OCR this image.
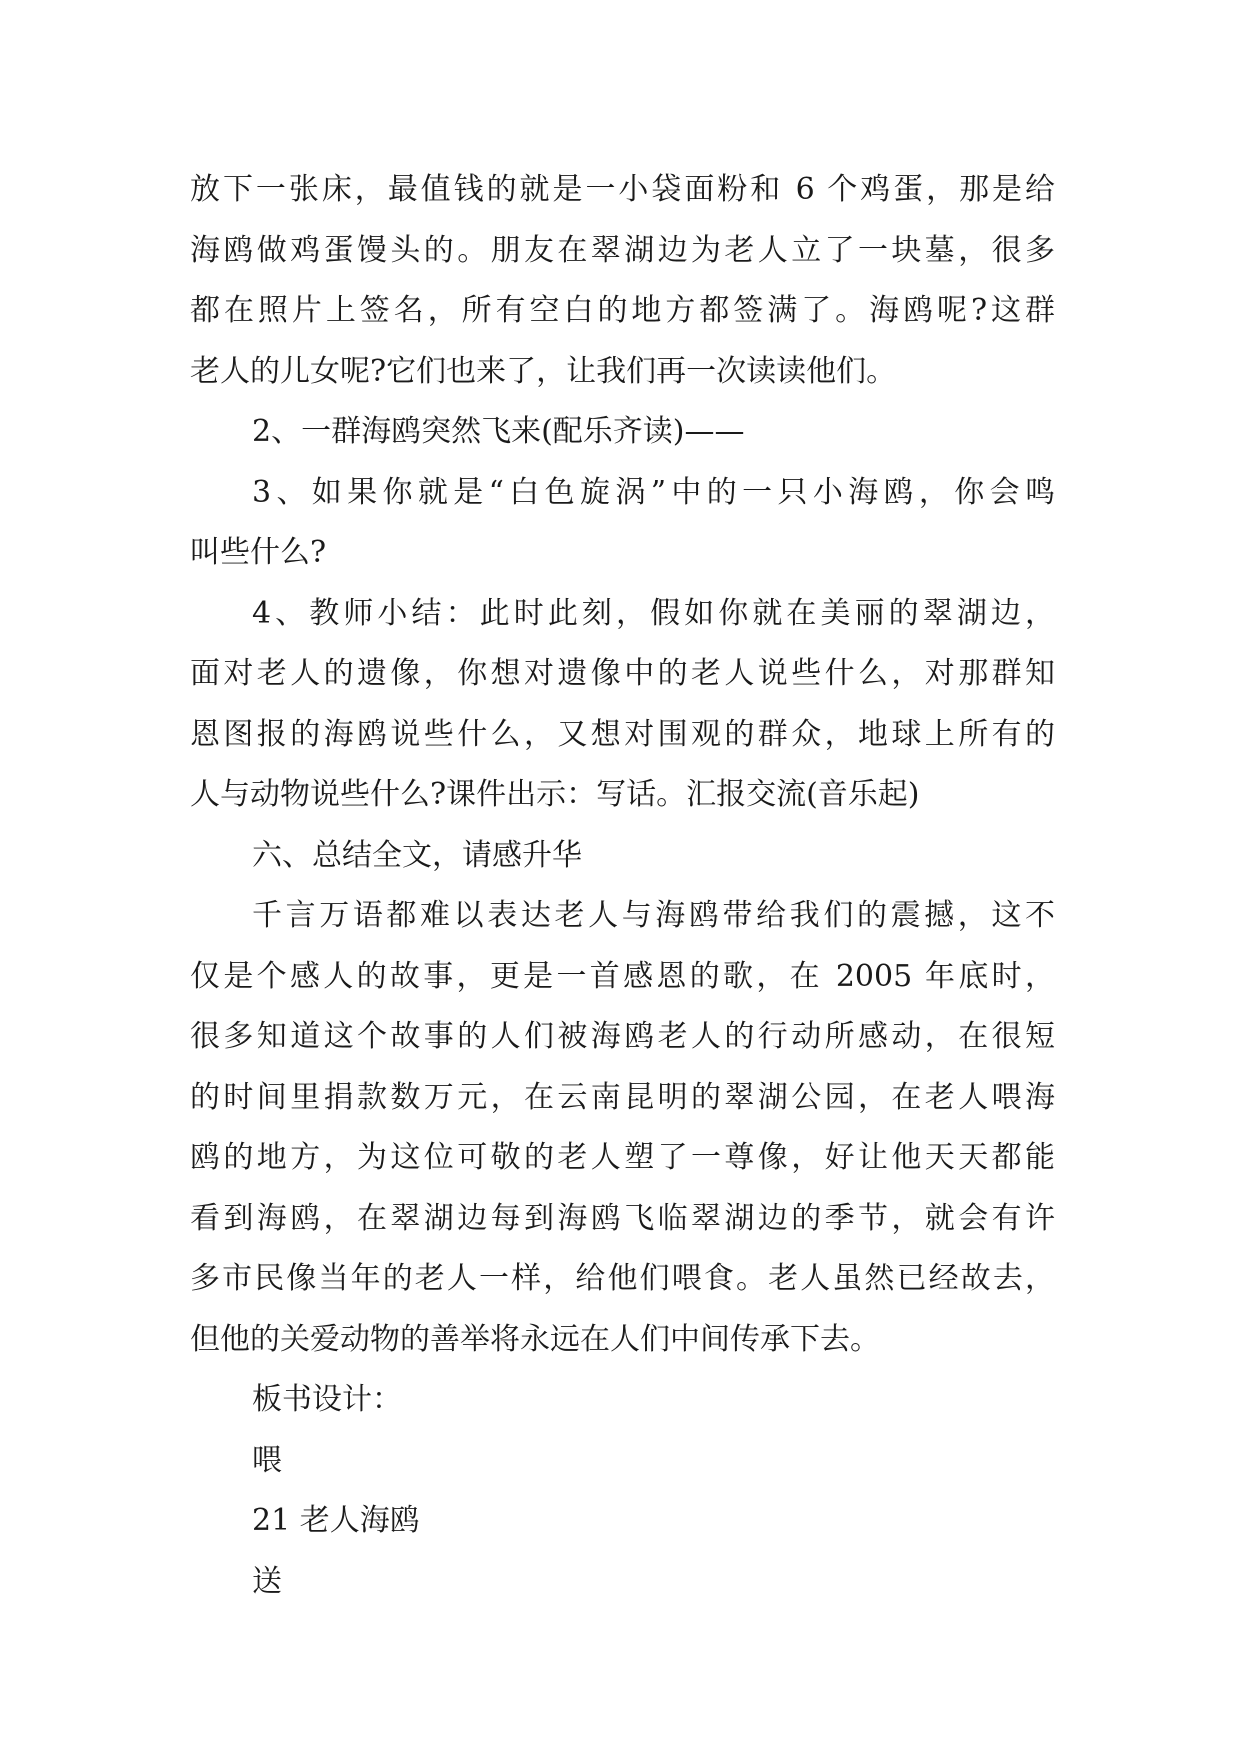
放下一张床，最值钱的就是一小袋面粉和 6 个鸡蛋，那是给
海鸥做鸡蛋馒头的。朋友在翠湖边为老人立了一块墓，很多
都在照片上签名，所有空白的地方都签满了。海鸥呢?这群
老人的儿女呢?它们也来了，让我们再一次读读他们。
2、一群海鸥突然飞来(配乐齐读)——
3、如果你就是“白色旋涡”中的一只小海鸥，你会鸣
叫些什么?
4、教师小结：此时此刻，假如你就在美丽的翠湖边，
面对老人的遗像，你想对遗像中的老人说些什么，对那群知
恩图报的海鸥说些什么，又想对围观的群众，地球上所有的
人与动物说些什么?课件出示：写话。汇报交流(音乐起)
六、总结全文，请感升华
千言万语都难以表达老人与海鸥带给我们的震撼，这不
仅是个感人的故事，更是一首感恩的歌，在 2005 年底时，
很多知道这个故事的人们被海鸥老人的行动所感动，在很短
的时间里捐款数万元，在云南昆明的翠湖公园，在老人喂海
鸥的地方，为这位可敬的老人塑了一尊像，好让他天天都能
看到海鸥，在翠湖边每到海鸥飞临翠湖边的季节，就会有许
多市民像当年的老人一样，给他们喂食。老人虽然已经故去，
但他的关爱动物的善举将永远在人们中间传承下去。
板书设计：
喂
21 老人海鸥
送
